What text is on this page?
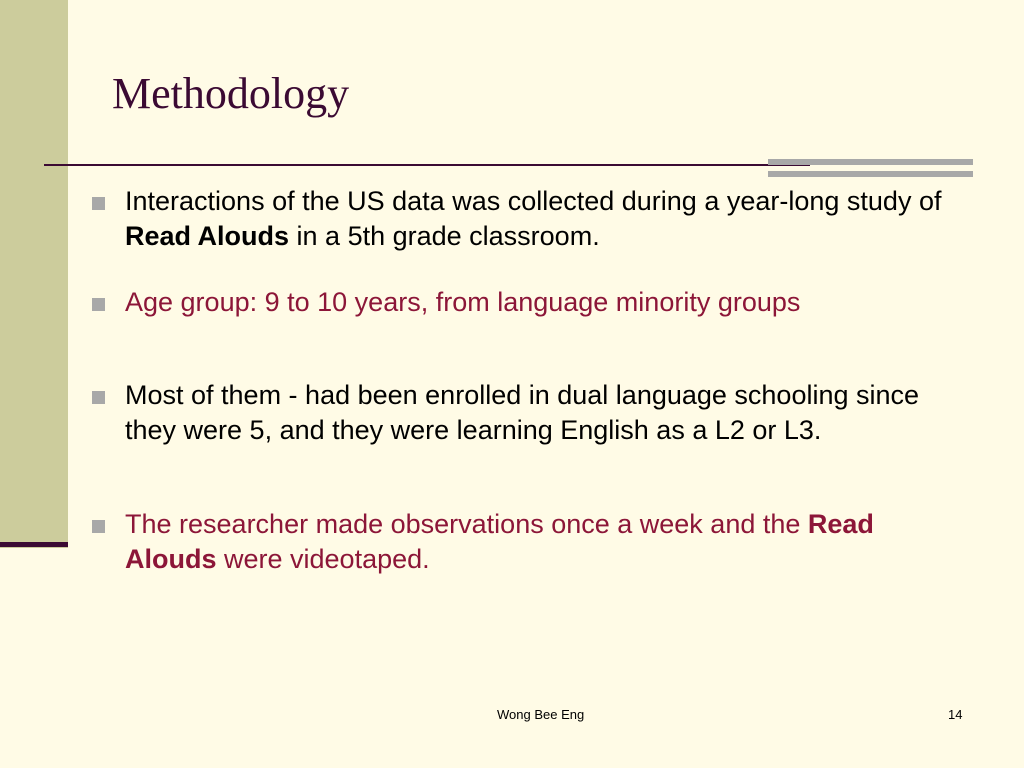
Methodology
Interactions of the US data was collected during a year-long study of Read Alouds in a 5th grade classroom.
Age group: 9 to 10 years, from language minority groups
Most of them - had been enrolled in dual language schooling since they were 5, and they were learning English as a L2 or L3.
The researcher made observations once a week and the Read Alouds were videotaped.
Wong Bee Eng	14
